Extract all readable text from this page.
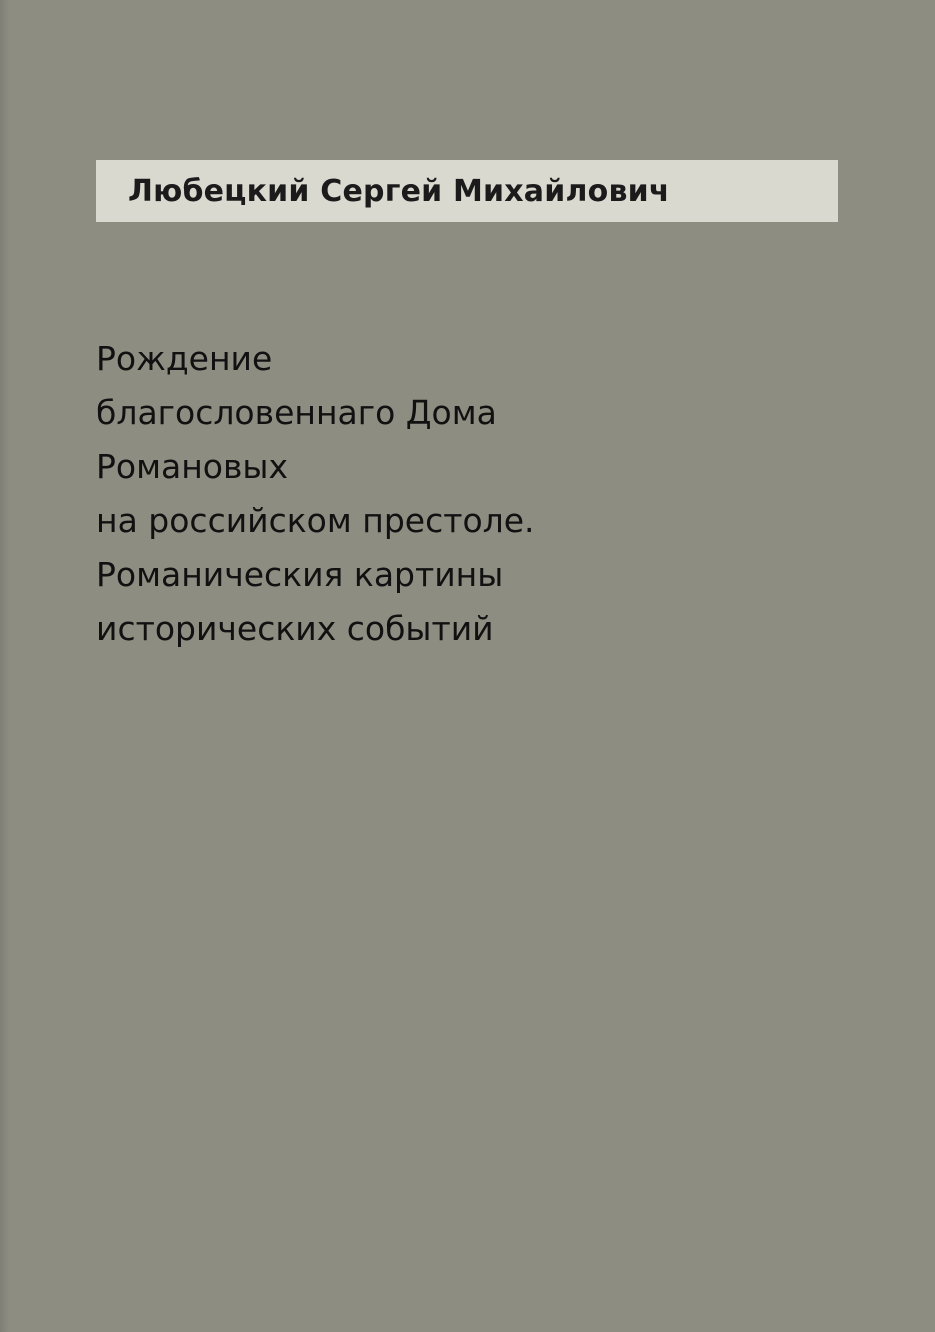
Любецкий Сергей Михайлович
Рождение
благословеннаго Дома
Романовых
на российском престоле.
Романическия картины
исторических событий
